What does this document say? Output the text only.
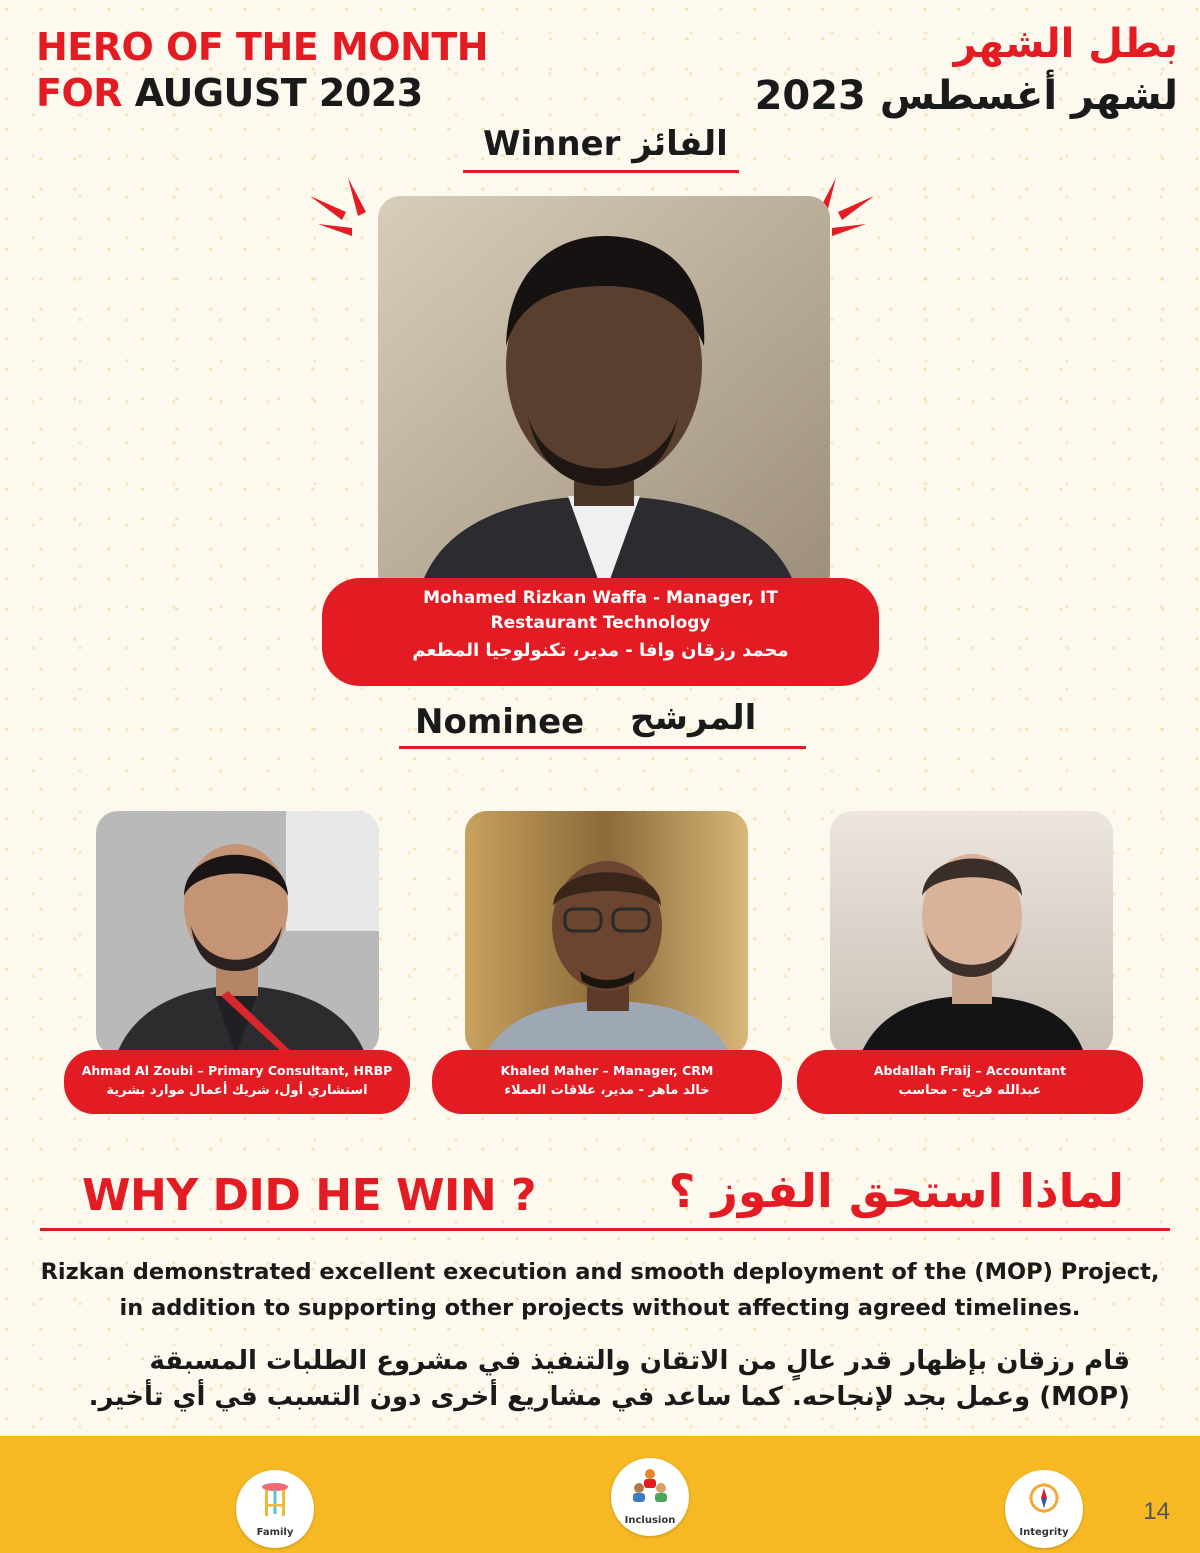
HERO OF THE MONTH
FOR AUGUST 2023
بطل الشهر
لشهر أغسطس 2023
Winner الفائز
Mohamed Rizkan Waffa - Manager, IT
Restaurant Technology
محمد رزقان وافا - مدير، تكنولوجيا المطعم
Nominee المرشح
Ahmad Al Zoubi – Primary Consultant, HRBP
استشاري أول، شريك أعمال موارد بشرية
Khaled Maher – Manager, CRM
خالد ماهر - مدير، علاقات العملاء
Abdallah Fraij – Accountant
عبدالله فريج - محاسب
WHY DID HE WIN ?	لماذا استحق الفوز ؟
Rizkan demonstrated excellent execution and smooth deployment of the (MOP) Project, in addition to supporting other projects without affecting agreed timelines.
قام رزقان بإظهار قدر عالٍ من الاتقان والتنفيذ في مشروع الطلبات المسبقة (MOP) وعمل بجد لإنجاحه. كما ساعد في مشاريع أخرى دون التسبب في أي تأخير.
Family
Inclusion
Integrity
14
